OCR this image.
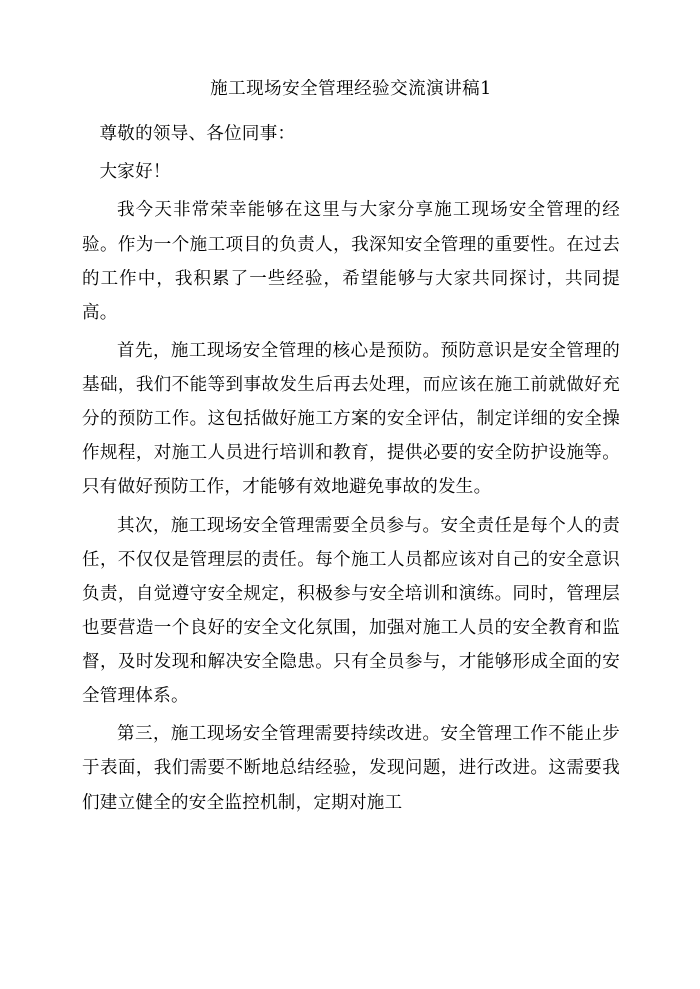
施工现场安全管理经验交流演讲稿1

尊敬的领导、各位同事：

大家好！

我今天非常荣幸能够在这里与大家分享施工现场安全管理的经验。作为一个施工项目的负责人，我深知安全管理的重要性。在过去的工作中，我积累了一些经验，希望能够与大家共同探讨，共同提高。

首先，施工现场安全管理的核心是预防。预防意识是安全管理的基础，我们不能等到事故发生后再去处理，而应该在施工前就做好充分的预防工作。这包括做好施工方案的安全评估，制定详细的安全操作规程，对施工人员进行培训和教育，提供必要的安全防护设施等。只有做好预防工作，才能够有效地避免事故的发生。

其次，施工现场安全管理需要全员参与。安全责任是每个人的责任，不仅仅是管理层的责任。每个施工人员都应该对自己的安全意识负责，自觉遵守安全规定，积极参与安全培训和演练。同时，管理层也要营造一个良好的安全文化氛围，加强对施工人员的安全教育和监督，及时发现和解决安全隐患。只有全员参与，才能够形成全面的安全管理体系。

第三，施工现场安全管理需要持续改进。安全管理工作不能止步于表面，我们需要不断地总结经验，发现问题，进行改进。这需要我们建立健全的安全监控机制，定期对施工
